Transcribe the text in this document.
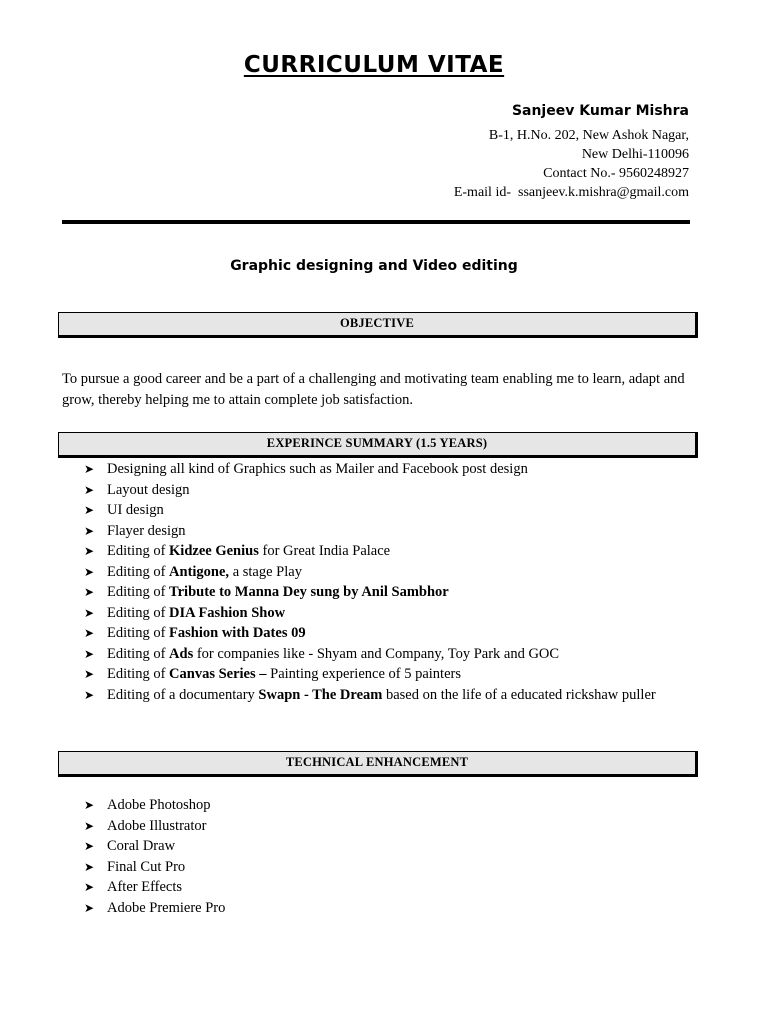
CURRICULUM VITAE
Sanjeev Kumar Mishra
B-1, H.No. 202, New Ashok Nagar,
New Delhi-110096
Contact No.- 9560248927
E-mail id-  ssanjeev.k.mishra@gmail.com
Graphic designing and Video editing
OBJECTIVE
To pursue a good career and be a part of a challenging and motivating team enabling me to learn, adapt and grow, thereby helping me to attain complete job satisfaction.
EXPERINCE SUMMARY (1.5 YEARS)
➤ Designing all kind of Graphics such as Mailer and Facebook post design
➤ Layout design
➤ UI design
➤ Flayer design
➤ Editing of Kidzee Genius for Great India Palace
➤ Editing of Antigone, a stage Play
➤ Editing of Tribute to Manna Dey sung by Anil Sambhor
➤ Editing of DIA Fashion Show
➤ Editing of Fashion with Dates 09
➤ Editing of Ads for companies like - Shyam and Company, Toy Park and GOC
➤ Editing of Canvas Series – Painting experience of 5 painters
➤ Editing of a documentary Swapn - The Dream based on the life of a educated rickshaw puller
TECHNICAL ENHANCEMENT
➤ Adobe Photoshop
➤ Adobe Illustrator
➤ Coral Draw
➤ Final Cut Pro
➤ After Effects
➤ Adobe Premiere Pro
